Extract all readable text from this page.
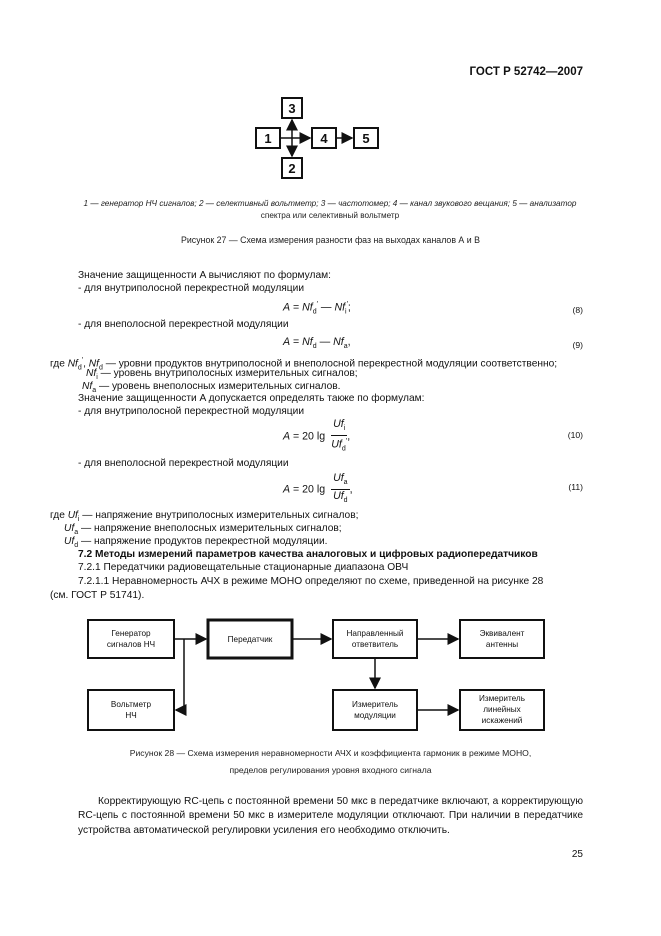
ГОСТ Р 52742—2007
3
1	4	5
2
1 — генератор НЧ сигналов; 2 — селективный вольтметр; 3 — частотомер; 4 — канал звукового вещания; 5 — анализатор
спектра или селективный вольтметр
Рисунок 27 — Схема измерения разности фаз на выходах каналов А и В
Значение защищенности A вычисляют по формулам:
- для внутриполосной перекрестной модуляции
$A = Nf_d'$ — $Nf_i'$;	(8)
- для внеполосной перекрестной модуляции
$A = Nf_d$ — $Nf_a$,	(9)
где $Nf_d'$, $Nf_d$ — уровни продуктов внутриполосной и внеполосной перекрестной модуляции соответственно;
$Nf_i$ — уровень внутриполосных измерительных сигналов;
$Nf_a$ — уровень внеполосных измерительных сигналов.
Значение защищенности A допускается определять также по формулам:
- для внутриполосной перекрестной модуляции
A = 20 $\lg \frac{Uf_i}{Uf_d'}$ ,	(10)
- для внеполосной перекрестной модуляции
A = 20 $\lg \frac{Uf_a}{Uf_d}$ ,	(11)
где $Uf_i$ — напряжение внутриполосных измерительных сигналов;
$Uf_a$ — напряжение внеполосных измерительных сигналов;
$Uf_d$ — напряжение продуктов перекрестной модуляции.
7.2 Методы измерений параметров качества аналоговых и цифровых радиопередатчиков
7.2.1 Передатчики радиовещательные стационарные диапазона ОВЧ
7.2.1.1 Неравномерность АЧХ в режиме МОНО определяют по схеме, приведенной на рисунке 28
(см. ГОСТ Р 51741).
Генератор
сигналов НЧ
Передатчик
Направленный
ответвитель
Эквивалент
антенны
Вольтметр
НЧ
Измеритель
модуляции
Измеритель
линейных
искажений
Рисунок 28 — Схема измерения неравномерности АЧХ и коэффициента гармоник в режиме МОНО,
пределов регулирования уровня входного сигнала
Корректирующую RC-цепь с постоянной времени 50 мкс в передатчике включают, а корректирующую RC-цепь с постоянной времени 50 мкс в измерителе модуляции отключают. При наличии в передатчике устройства автоматической регулировки усиления его необходимо отключить.
25
